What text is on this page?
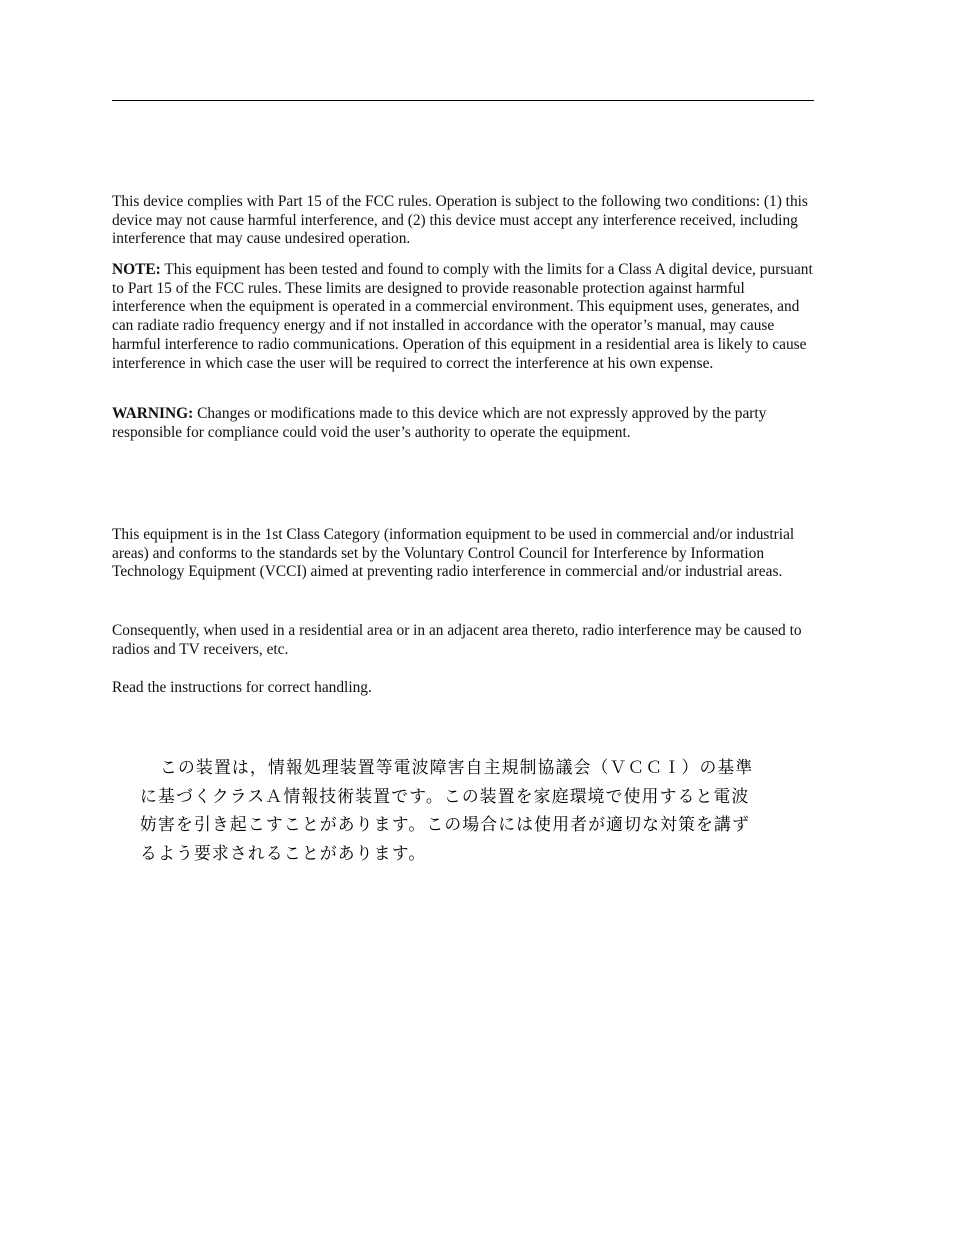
This device complies with Part 15 of the FCC rules. Operation is subject to the following two conditions: (1) this device may not cause harmful interference, and (2) this device must accept any interference received, including interference that may cause undesired operation.

NOTE: This equipment has been tested and found to comply with the limits for a Class A digital device, pursuant to Part 15 of the FCC rules. These limits are designed to provide reasonable protection against harmful interference when the equipment is operated in a commercial environment. This equipment uses, generates, and can radiate radio frequency energy and if not installed in accordance with the operator’s manual, may cause harmful interference to radio communications. Operation of this equipment in a residential area is likely to cause interference in which case the user will be required to correct the interference at his own expense.

WARNING: Changes or modifications made to this device which are not expressly approved by the party responsible for compliance could void the user’s authority to operate the equipment.

This equipment is in the 1st Class Category (information equipment to be used in commercial and/or industrial areas) and conforms to the standards set by the Voluntary Control Council for Interference by Information Technology Equipment (VCCI) aimed at preventing radio interference in commercial and/or industrial areas.

Consequently, when used in a residential area or in an adjacent area thereto, radio interference may be caused to radios and TV receivers, etc.

Read the instructions for correct handling.

この装置は，情報処理装置等電波障害自主規制協議会（ＶＣＣＩ）の基準

に基づくクラスＡ情報技術装置です。この装置を家庭環境で使用すると電波

妨害を引き起こすことがあります。この場合には使用者が適切な対策を講ず

るよう要求されることがあります。
